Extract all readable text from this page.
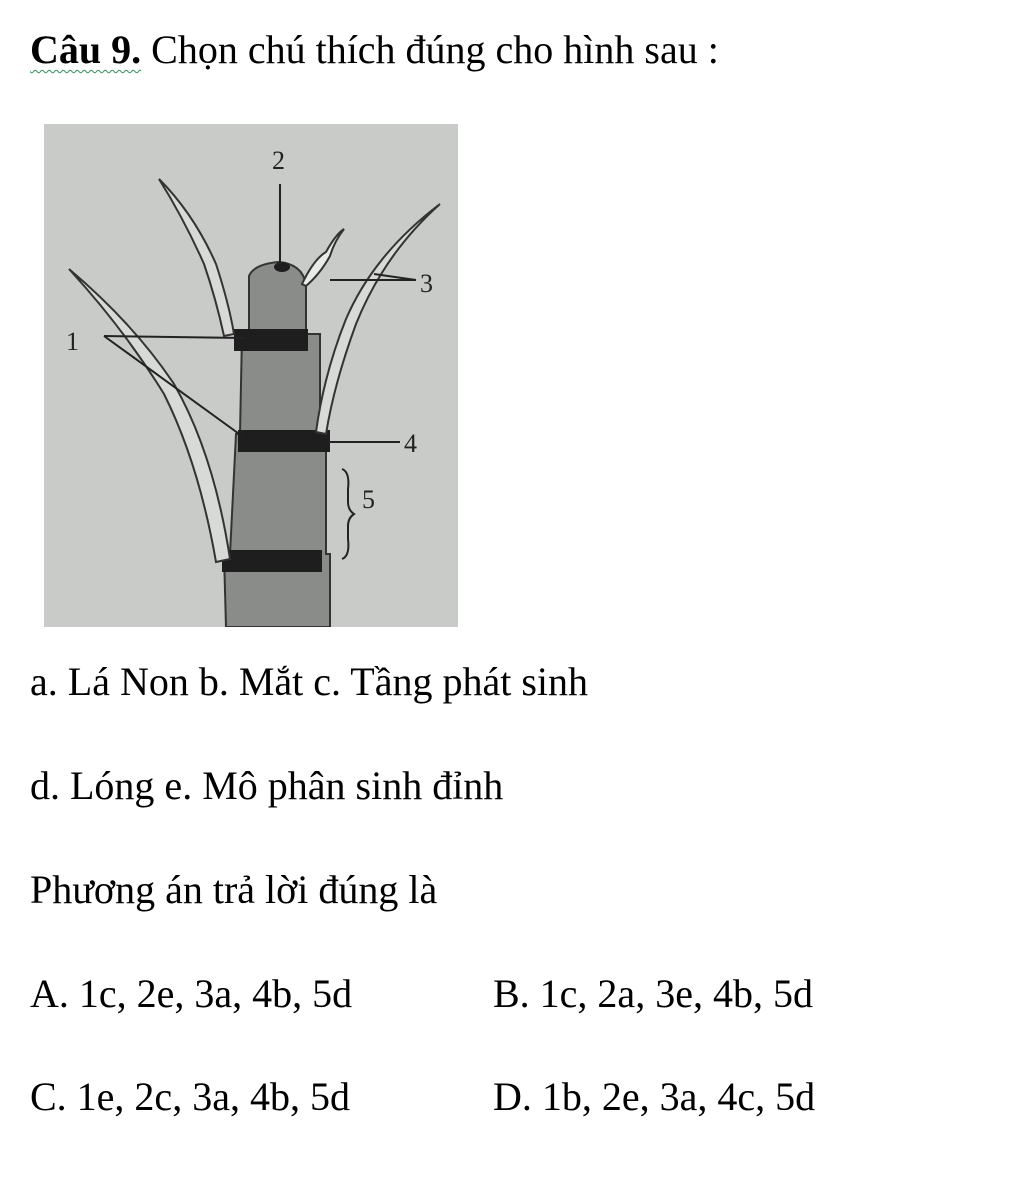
Câu 9. Chọn chú thích đúng cho hình sau :
1
2
3
4
5
a. Lá Non b. Mắt c. Tầng phát sinh
d. Lóng e. Mô phân sinh đỉnh
Phương án trả lời đúng là
A. 1c, 2e, 3a, 4b, 5d	B. 1c, 2a, 3e, 4b, 5d
C. 1e, 2c, 3a, 4b, 5d	D. 1b, 2e, 3a, 4c, 5d
